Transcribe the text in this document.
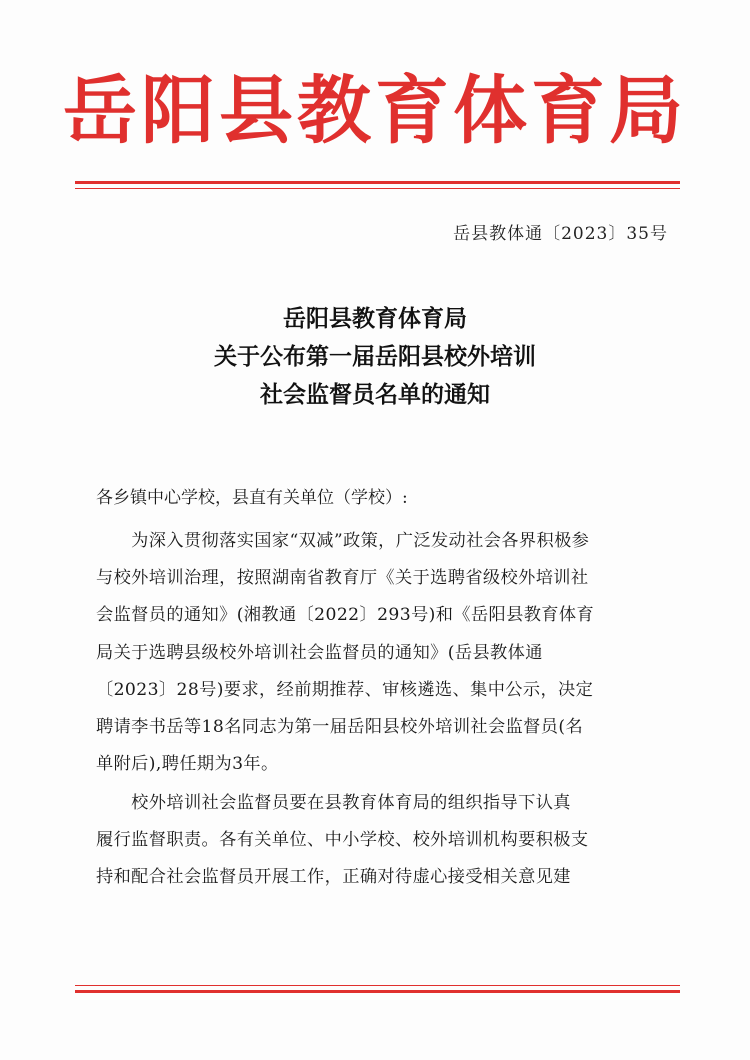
岳阳县教育体育局
岳县教体通〔2023〕35号
岳阳县教育体育局
关于公布第一届岳阳县校外培训
社会监督员名单的通知
各乡镇中心学校，县直有关单位（学校）:
　　为深入贯彻落实国家“双减”政策，广泛发动社会各界积极参
与校外培训治理，按照湖南省教育厅《关于选聘省级校外培训社
会监督员的通知》(湘教通〔2022〕293号)和《岳阳县教育体育
局关于选聘县级校外培训社会监督员的通知》(岳县教体通
〔2023〕28号)要求，经前期推荐、审核遴选、集中公示，决定
聘请李书岳等18名同志为第一届岳阳县校外培训社会监督员(名
单附后),聘任期为3年。
　　校外培训社会监督员要在县教育体育局的组织指导下认真
履行监督职责。各有关单位、中小学校、校外培训机构要积极支
持和配合社会监督员开展工作，正确对待虚心接受相关意见建
